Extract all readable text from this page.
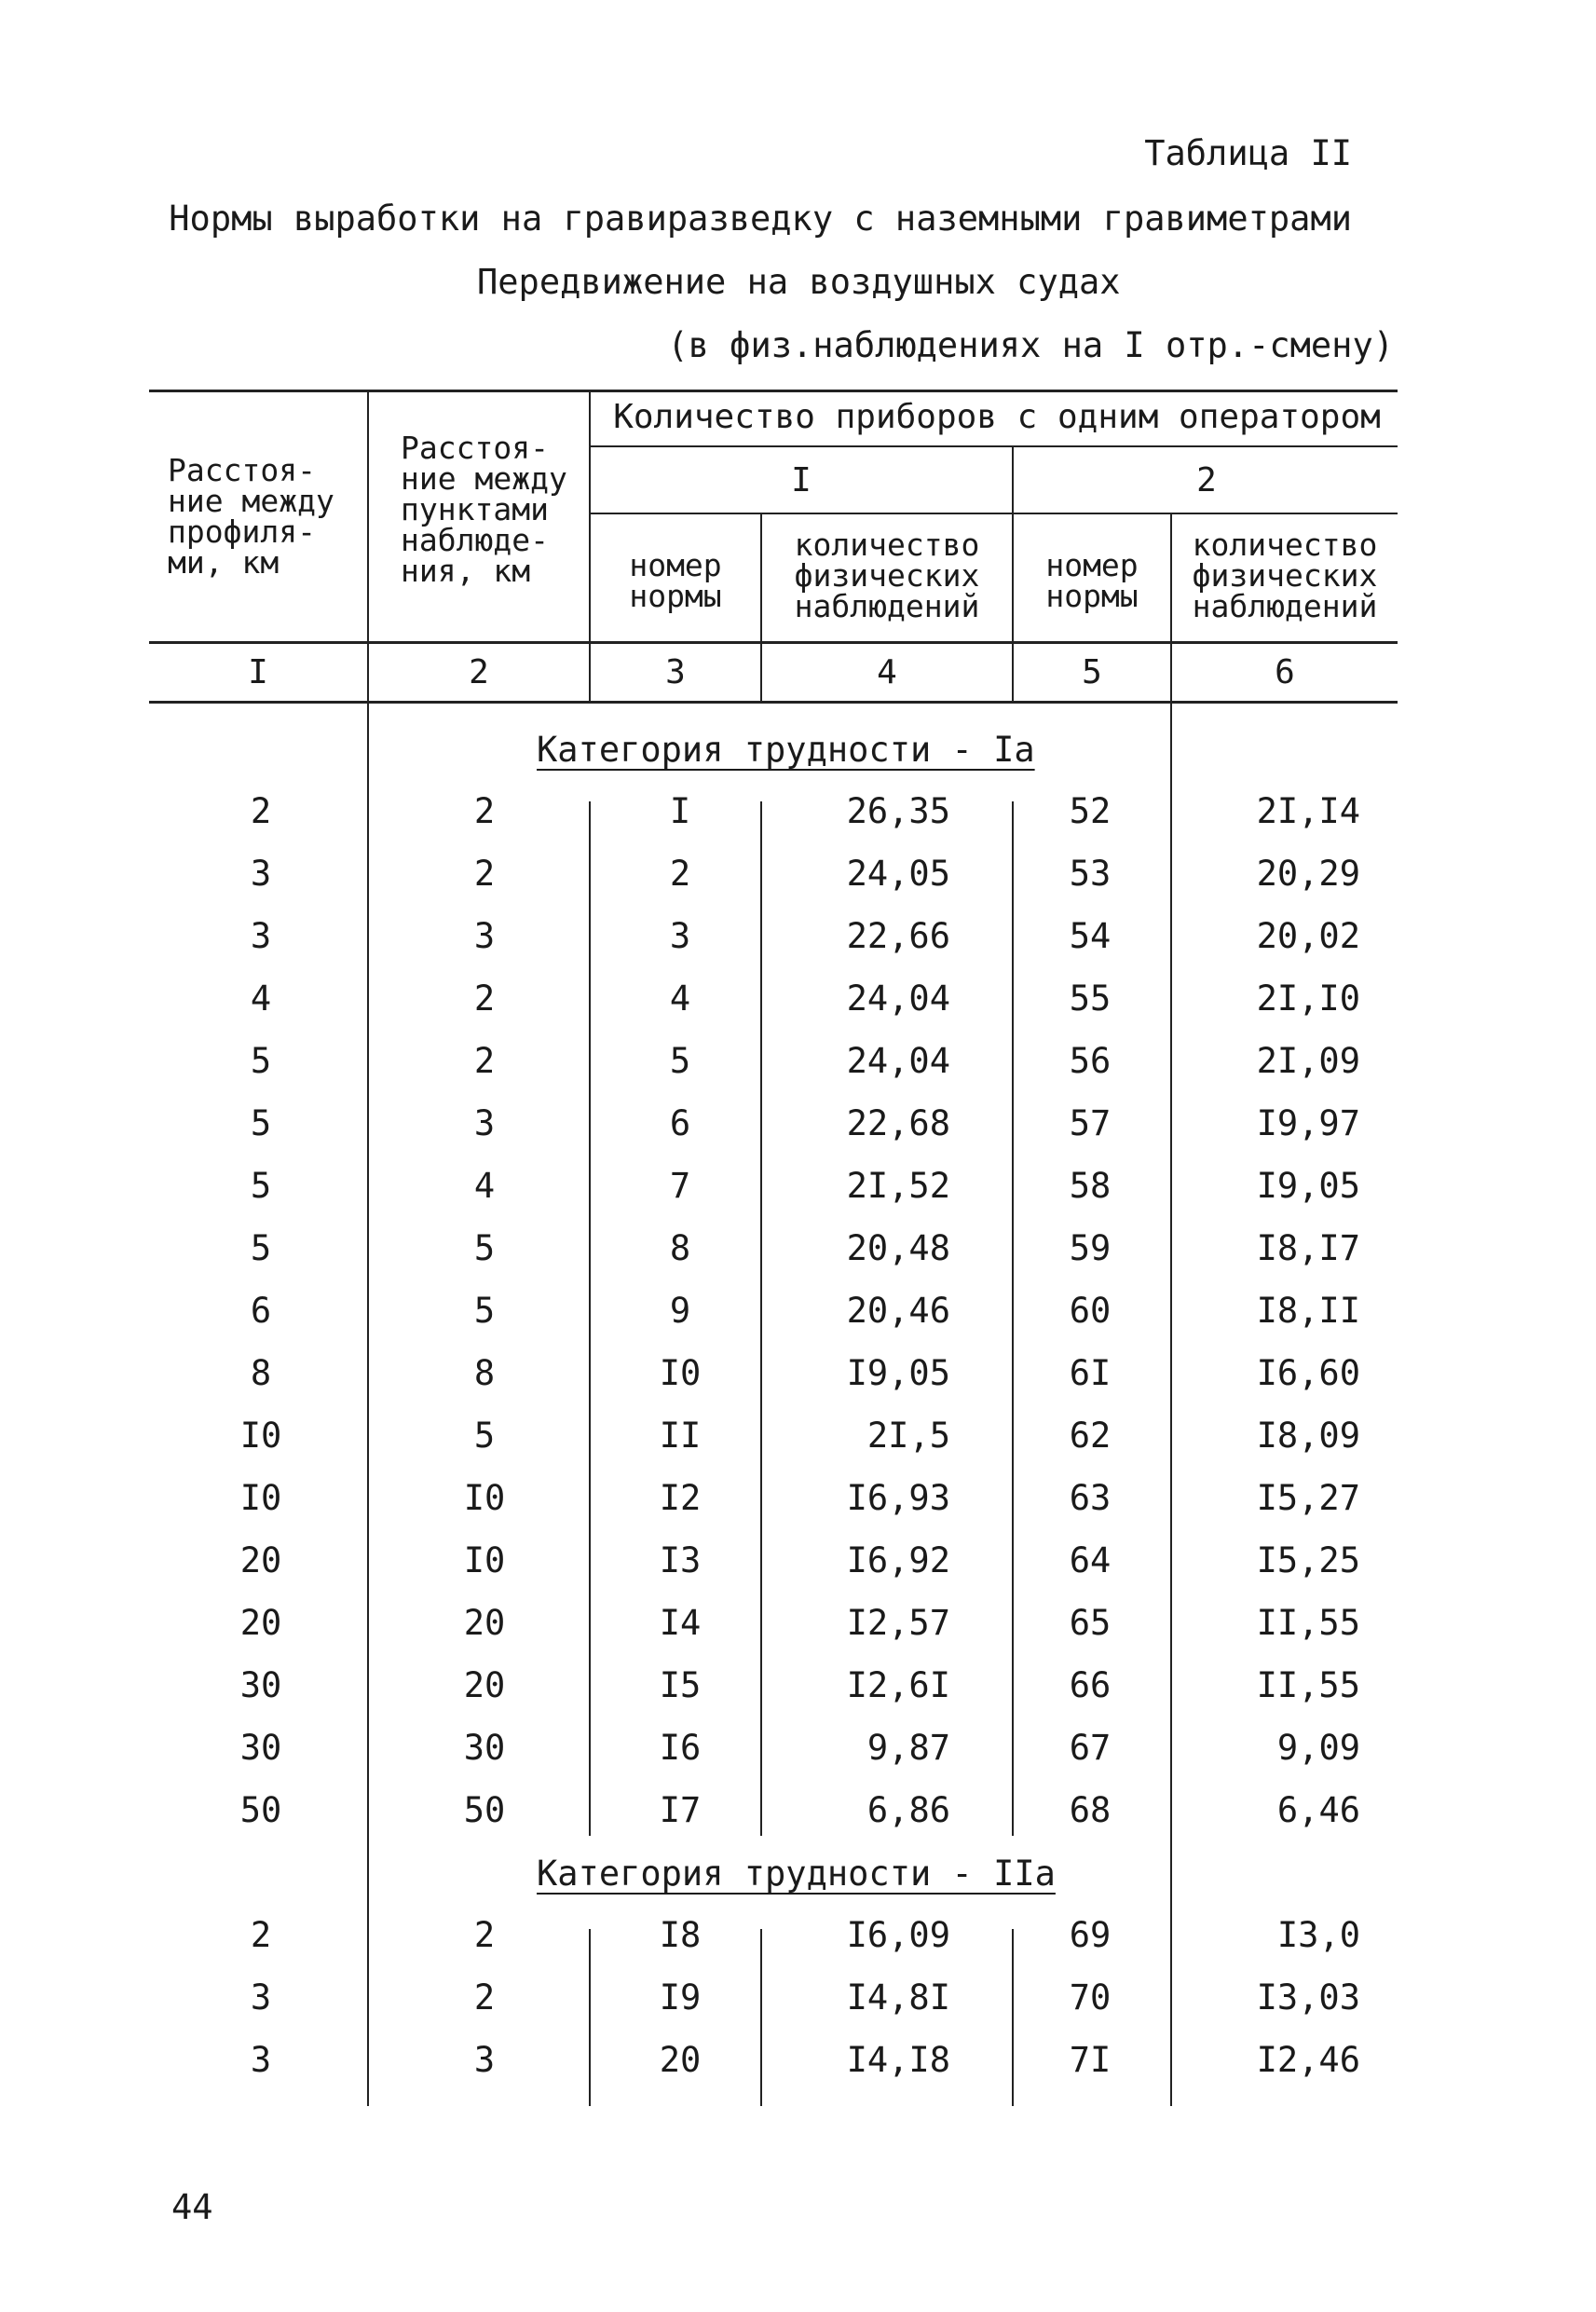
Таблица II
Нормы выработки на гравиразведку с наземными гравиметрами
Передвижение на воздушных судах
(в физ.наблюдениях на I отр.-смену)
Расстоя-
ние между
профиля-
ми, км
Расстоя-
ние между
пунктами
наблюде-
ния, км
Количество приборов с одним оператором
I	2
номер
нормы
количество
физических
наблюдений
номер
нормы
количество
физических
наблюдений
I	2	3	4	5	6
Категория трудности - Iа
2	2	I	26,35	52	2I,I4
3	2	2	24,05	53	20,29
3	3	3	22,66	54	20,02
4	2	4	24,04	55	2I,I0
5	2	5	24,04	56	2I,09
5	3	6	22,68	57	I9,97
5	4	7	2I,52	58	I9,05
5	5	8	20,48	59	I8,I7
6	5	9	20,46	60	I8,II
8	8	I0	I9,05	6I	I6,60
I0	5	II	2I,5	62	I8,09
I0	I0	I2	I6,93	63	I5,27
20	I0	I3	I6,92	64	I5,25
20	20	I4	I2,57	65	II,55
30	20	I5	I2,6I	66	II,55
30	30	I6	9,87	67	9,09
50	50	I7	6,86	68	6,46
Категория трудности - IIа
2	2	I8	I6,09	69	I3,0
3	2	I9	I4,8I	70	I3,03
3	3	20	I4,I8	7I	I2,46
44
